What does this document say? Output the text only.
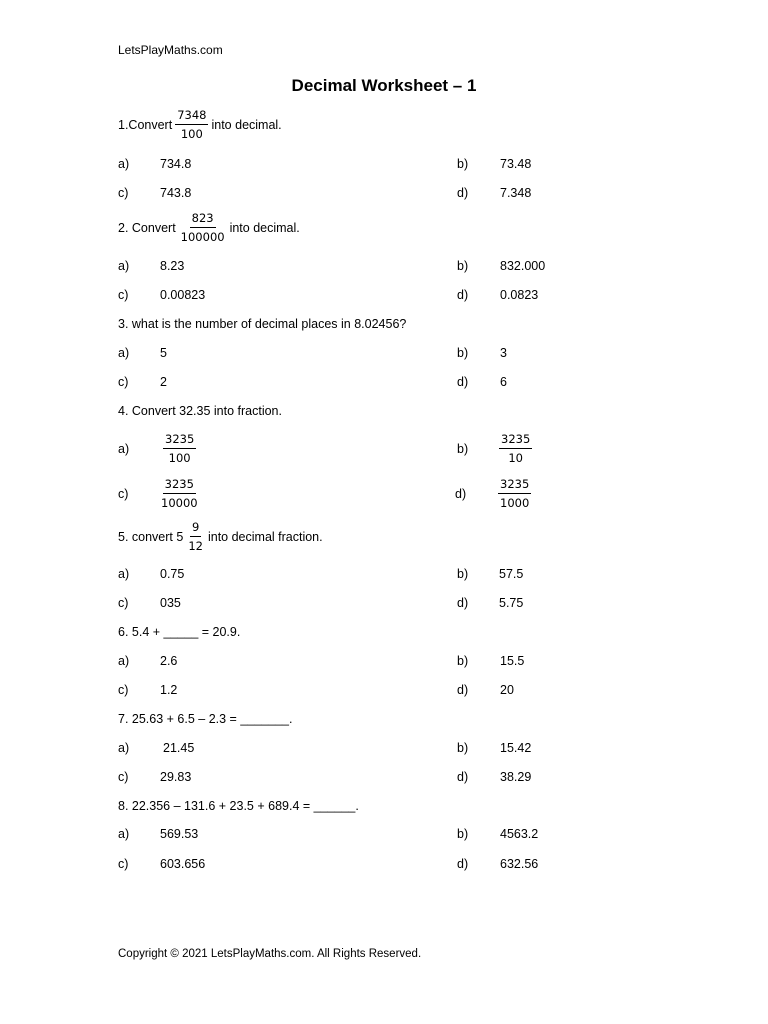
LetsPlayMaths.com
Decimal Worksheet – 1
1.Convert $\frac{7348}{100}$ into decimal.
a) 734.8	b)	73.48
c)	743.8	d)	7.348
2. Convert $\frac{823}{100000}$ into decimal.
a) 8.23	b)	832.000
c)	0.00823	d)	0.0823
3. what is the number of decimal places in 8.02456?
a) 5	b)	3
c)	2	d)	6
4. Convert 32.35 into fraction.
a)	$\frac{3235}{100}$	b)	$\frac{3235}{10}$
c)	$\frac{3235}{10000}$	d)	$\frac{3235}{1000}$
5. convert $5 \frac{9}{12}$ into decimal fraction.
a) 0.75	b) 57.5
c)	035	d) 5.75
6. 5.4 + _____ = 20.9.
a) 2.6	b)	15.5
c)	1.2	d)	20
7. 25.63 + 6.5 – 2.3 = _______.
a)	21.45	b)	15.42
c)	29.83	d)	38.29
8. 22.356 – 131.6 + 23.5 + 689.4 = ______.
a) 569.53	b)	4563.2
c)	603.656	d)	632.56
Copyright © 2021 LetsPlayMaths.com. All Rights Reserved.
